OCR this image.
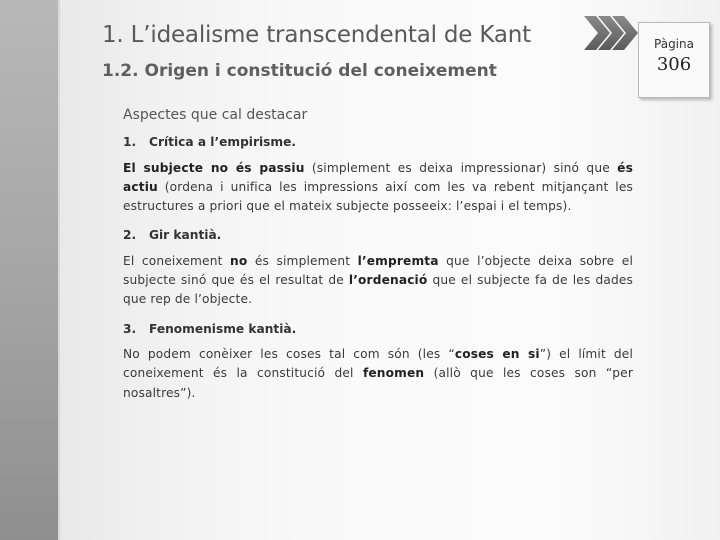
1. L’idealisme transcendental de Kant
1.2. Origen i constitució del coneixement
Pàgina
306
Aspectes que cal destacar
1. Crítica a l’empirisme.
El subjecte no és passiu (simplement es deixa impressionar) sinó que és actiu (ordena i unifica les impressions així com les va rebent mitjançant les estructures a priori que el mateix subjecte posseeix: l’espai i el temps).
2. Gir kantià.
El coneixement no és simplement l’empremta que l’objecte deixa sobre el subjecte sinó que és el resultat de l’ordenació que el subjecte fa de les dades que rep de l’objecte.
3. Fenomenisme kantià.
No podem conèixer les coses tal com són (les “coses en si”) el límit del coneixement és la constitució del fenomen (allò que les coses son “per nosaltres”).
